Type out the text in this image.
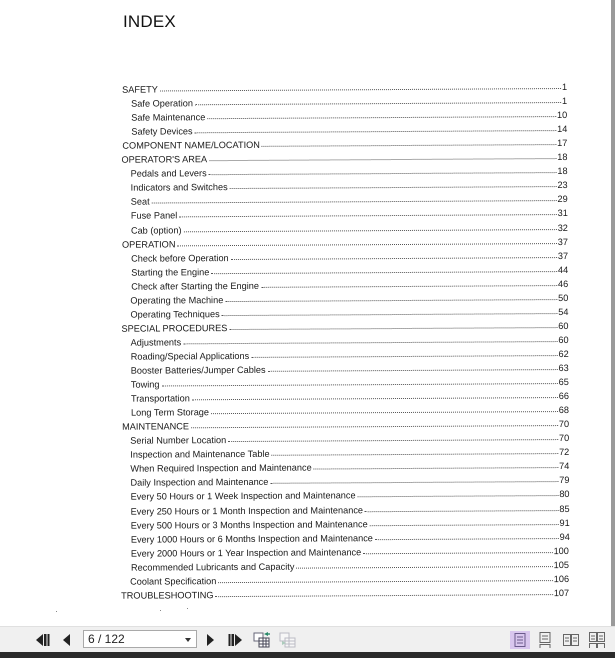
INDEX
SAFETY	1
Safe Operation	1
Safe Maintenance	10
Safety Devices	14
COMPONENT NAME/LOCATION	17
OPERATOR'S AREA	18
Pedals and Levers	18
Indicators and Switches	23
Seat	29
Fuse Panel	31
Cab (option)	32
OPERATION	37
Check before Operation	37
Starting the Engine	44
Check after Starting the Engine	46
Operating the Machine	50
Operating Techniques	54
SPECIAL PROCEDURES	60
Adjustments	60
Roading/Special Applications	62
Booster Batteries/Jumper Cables	63
Towing	65
Transportation	66
Long Term Storage	68
MAINTENANCE	70
Serial Number Location	70
Inspection and Maintenance Table	72
When Required Inspection and Maintenance	74
Daily Inspection and Maintenance	79
Every 50 Hours or 1 Week Inspection and Maintenance	80
Every 250 Hours or 1 Month Inspection and Maintenance	85
Every 500 Hours or 3 Months Inspection and Maintenance	91
Every 1000 Hours or 6 Months Inspection and Maintenance	94
Every 2000 Hours or 1 Year Inspection and Maintenance	100
Recommended Lubricants and Capacity	105
Coolant Specification	106
TROUBLESHOOTING	107
6 / 122
